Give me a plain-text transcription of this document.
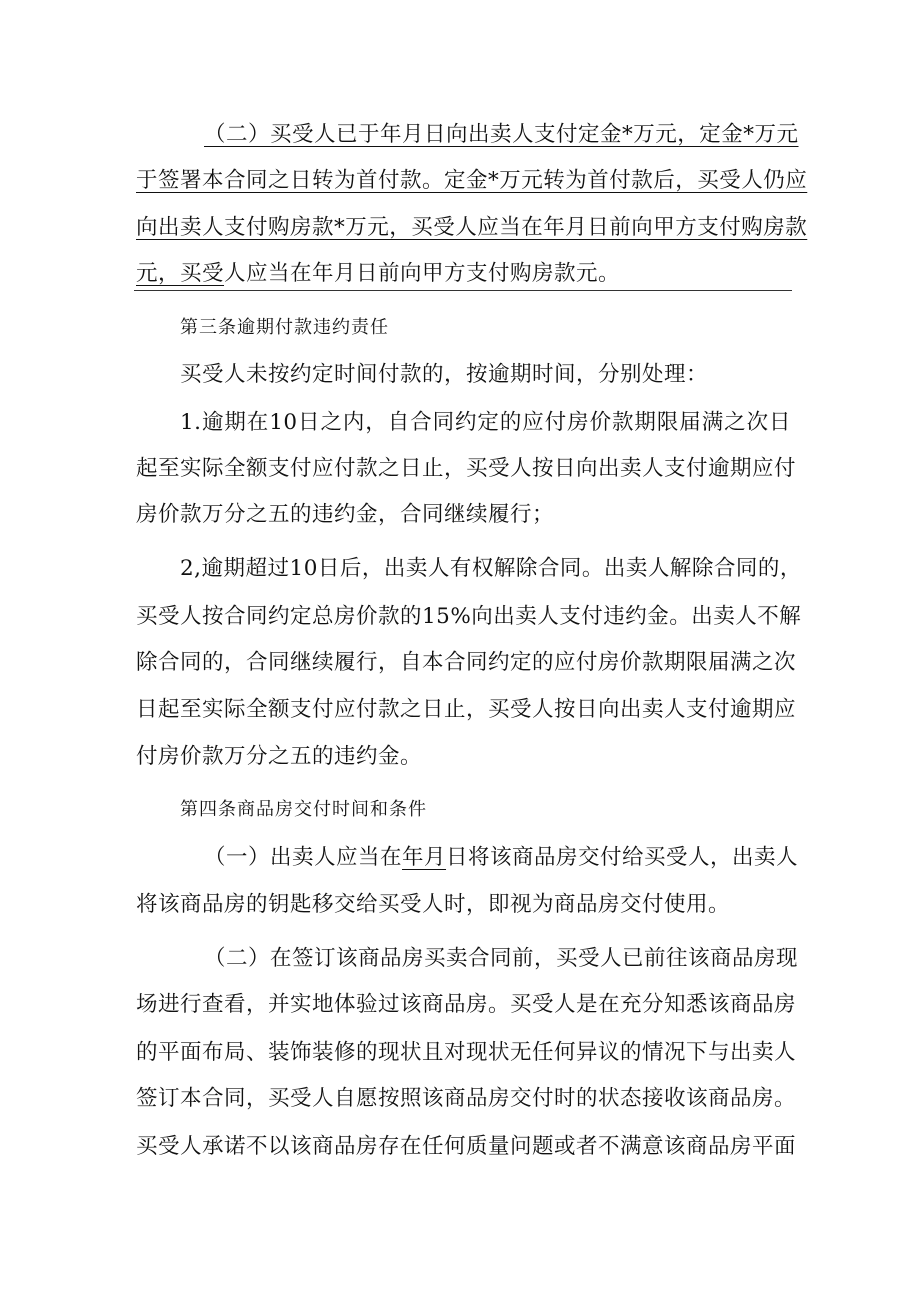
（二）买受人已于年月日向出卖人支付定金*万元，定金*万元
于签署本合同之日转为首付款。定金*万元转为首付款后，买受人仍应
向出卖人支付购房款*万元，买受人应当在年月日前向甲方支付购房款
元，买受人应当在年月日前向甲方支付购房款元。
第三条逾期付款违约责任
买受人未按约定时间付款的，按逾期时间，分别处理：
1.逾期在10日之内，自合同约定的应付房价款期限届满之次日
起至实际全额支付应付款之日止，买受人按日向出卖人支付逾期应付
房价款万分之五的违约金，合同继续履行；
2,逾期超过10日后，出卖人有权解除合同。出卖人解除合同的，
买受人按合同约定总房价款的15%向出卖人支付违约金。出卖人不解
除合同的，合同继续履行，自本合同约定的应付房价款期限届满之次
日起至实际全额支付应付款之日止，买受人按日向出卖人支付逾期应
付房价款万分之五的违约金。
第四条商品房交付时间和条件
（一）出卖人应当在年月日将该商品房交付给买受人，出卖人
将该商品房的钥匙移交给买受人时，即视为商品房交付使用。
（二）在签订该商品房买卖合同前，买受人已前往该商品房现
场进行查看，并实地体验过该商品房。买受人是在充分知悉该商品房
的平面布局、装饰装修的现状且对现状无任何异议的情况下与出卖人
签订本合同，买受人自愿按照该商品房交付时的状态接收该商品房。
买受人承诺不以该商品房存在任何质量问题或者不满意该商品房平面
